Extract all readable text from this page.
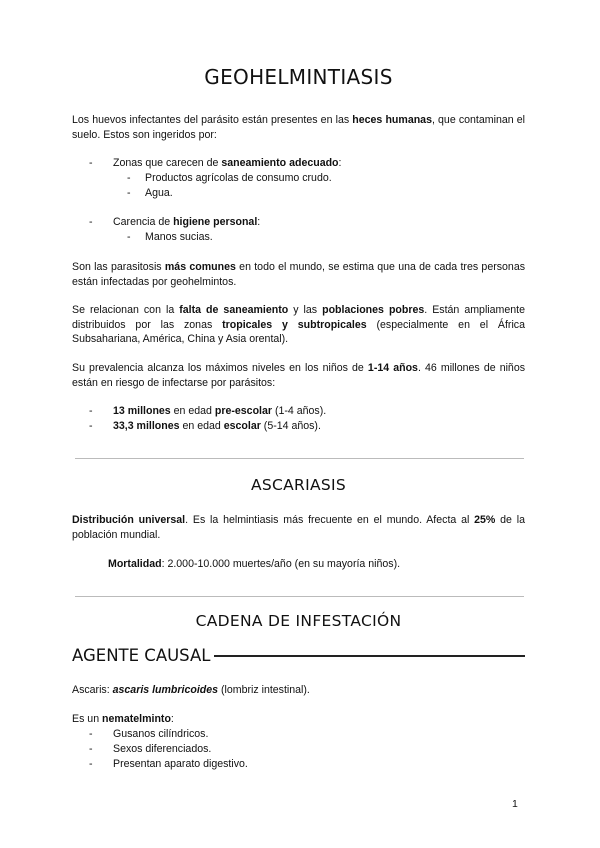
GEOHELMINTIASIS
Los huevos infectantes del parásito están presentes en las heces humanas, que contaminan el suelo. Estos son ingeridos por:
-	Zonas que carecen de saneamiento adecuado:
-	Productos agrícolas de consumo crudo.
-	Agua.
-	Carencia de higiene personal:
-	Manos sucias.
Son las parasitosis más comunes en todo el mundo, se estima que una de cada tres personas están infectadas por geohelmintos.
Se relacionan con la falta de saneamiento y las poblaciones pobres. Están ampliamente distribuidos por las zonas tropicales y subtropicales (especialmente en el África Subsahariana, América, China y Asia orental).
Su prevalencia alcanza los máximos niveles en los niños de 1-14 años. 46 millones de niños están en riesgo de infectarse por parásitos:
-	13 millones en edad pre-escolar (1-4 años).
-	33,3 millones en edad escolar (5-14 años).
ASCARIASIS
Distribución universal. Es la helmintiasis más frecuente en el mundo. Afecta al 25% de la población mundial.
Mortalidad: 2.000-10.000 muertes/año (en su mayoría niños).
CADENA DE INFESTACIÓN
AGENTE CAUSAL
Ascaris: ascaris lumbricoides (lombriz intestinal).
Es un nematelminto:
-	Gusanos cilíndricos.
-	Sexos diferenciados.
-	Presentan aparato digestivo.
1
